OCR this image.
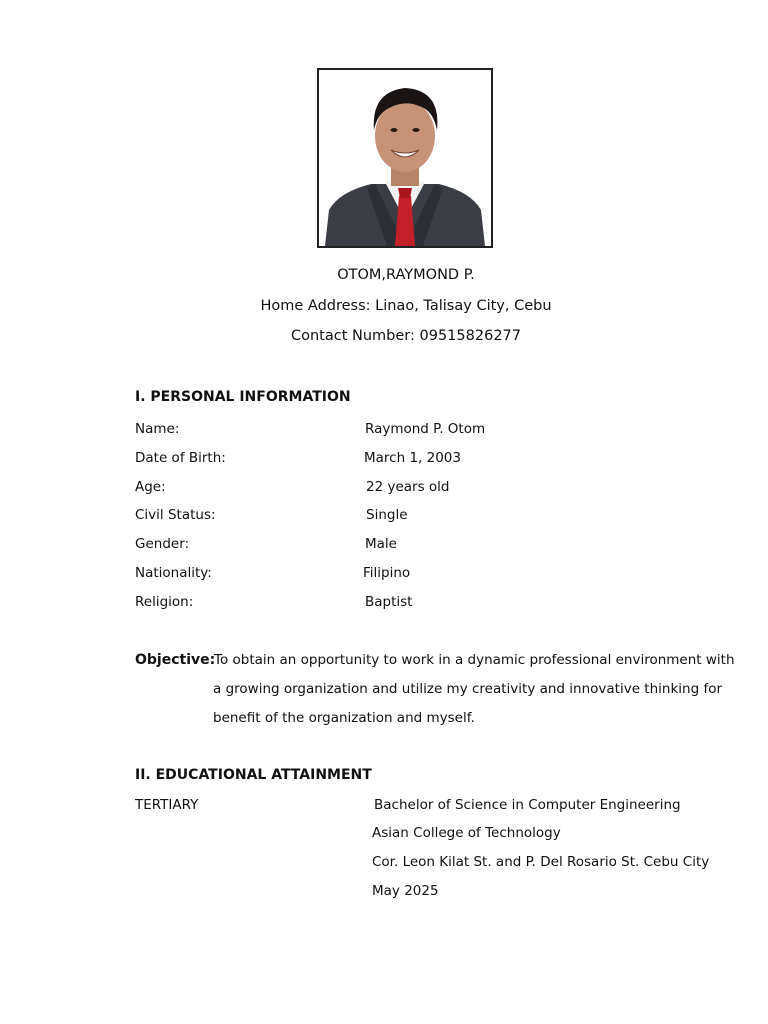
OTOM,RAYMOND P.
Home Address: Linao, Talisay City, Cebu
Contact Number: 09515826277
I. PERSONAL INFORMATION
Name:	Raymond P. Otom
Date of Birth:	March 1, 2003
Age:	22 years old
Civil Status:	Single
Gender:	Male
Nationality:	Filipino
Religion:	Baptist
Objective:
To obtain an opportunity to work in a dynamic professional environment with
a growing organization and utilize my creativity and innovative thinking for
benefit of the organization and myself.
II. EDUCATIONAL ATTAINMENT
TERTIARY	Bachelor of Science in Computer Engineering
Asian College of Technology
Cor. Leon Kilat St. and P. Del Rosario St. Cebu City
May 2025
